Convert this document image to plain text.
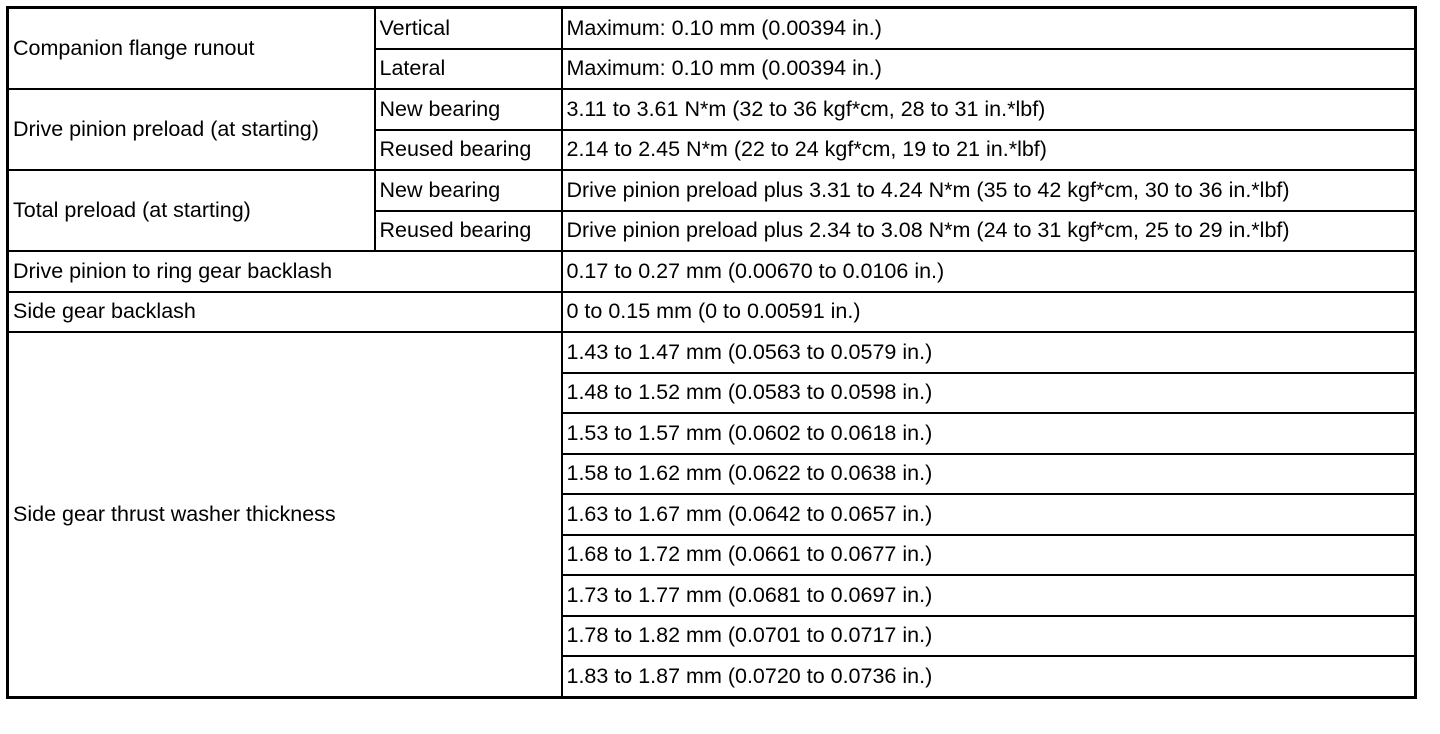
Companion flange runout	Vertical	Maximum: 0.10 mm (0.00394 in.)
	Lateral	Maximum: 0.10 mm (0.00394 in.)
Drive pinion preload (at starting)	New bearing	3.11 to 3.61 N*m (32 to 36 kgf*cm, 28 to 31 in.*lbf)
	Reused bearing	2.14 to 2.45 N*m (22 to 24 kgf*cm, 19 to 21 in.*lbf)
Total preload (at starting)	New bearing	Drive pinion preload plus 3.31 to 4.24 N*m (35 to 42 kgf*cm, 30 to 36 in.*lbf)
	Reused bearing	Drive pinion preload plus 2.34 to 3.08 N*m (24 to 31 kgf*cm, 25 to 29 in.*lbf)
Drive pinion to ring gear backlash		0.17 to 0.27 mm (0.00670 to 0.0106 in.)
Side gear backlash		0 to 0.15 mm (0 to 0.00591 in.)
Side gear thrust washer thickness		1.43 to 1.47 mm (0.0563 to 0.0579 in.)
		1.48 to 1.52 mm (0.0583 to 0.0598 in.)
		1.53 to 1.57 mm (0.0602 to 0.0618 in.)
		1.58 to 1.62 mm (0.0622 to 0.0638 in.)
		1.63 to 1.67 mm (0.0642 to 0.0657 in.)
		1.68 to 1.72 mm (0.0661 to 0.0677 in.)
		1.73 to 1.77 mm (0.0681 to 0.0697 in.)
		1.78 to 1.82 mm (0.0701 to 0.0717 in.)
		1.83 to 1.87 mm (0.0720 to 0.0736 in.)
